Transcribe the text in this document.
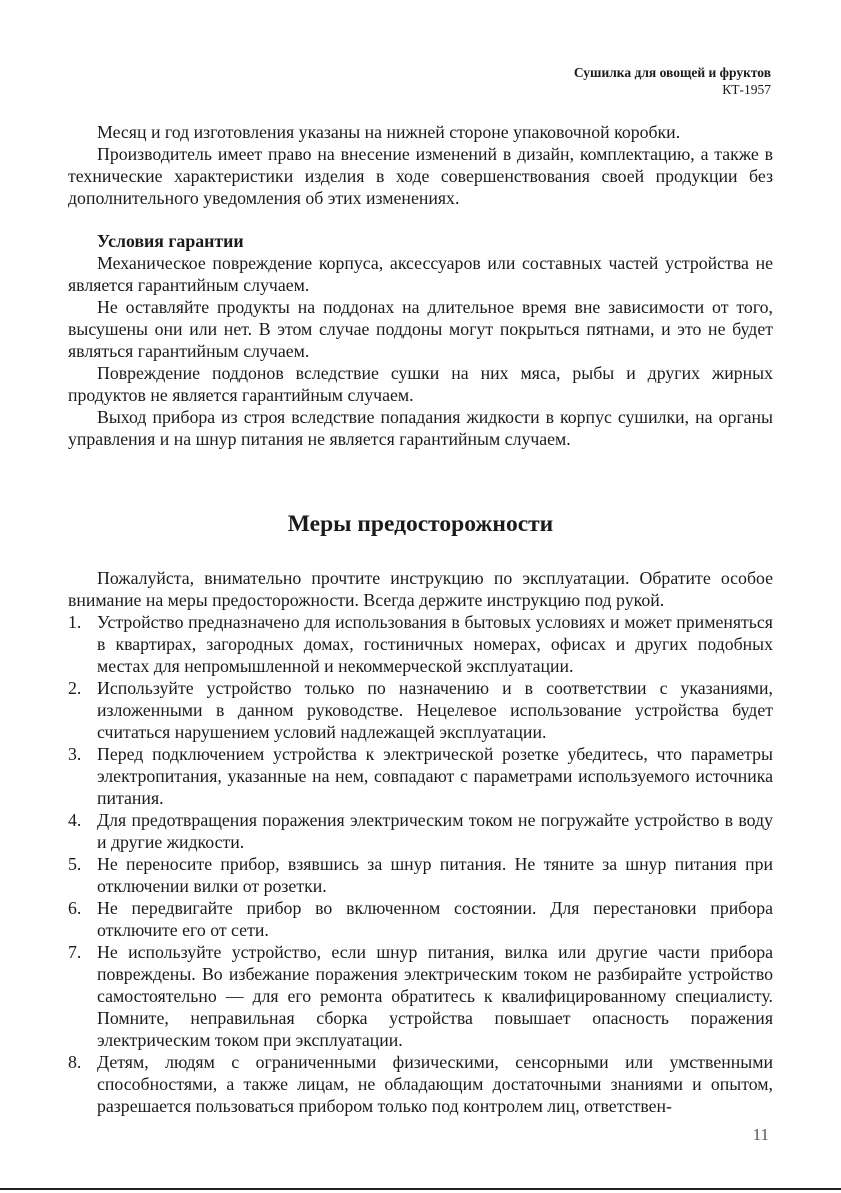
Сушилка для овощей и фруктов
КТ-1957

Месяц и год изготовления указаны на нижней стороне упаковочной коробки.

Производитель имеет право на внесение изменений в дизайн, комплектацию, а также в технические характеристики изделия в ходе совершенствования своей продукции без дополнительного уведомления об этих изменениях.

Условия гарантии

Механическое повреждение корпуса, аксессуаров или составных частей устройства не является гарантийным случаем.

Не оставляйте продукты на поддонах на длительное время вне зависимости от того, высушены они или нет. В этом случае поддоны могут покрыться пятнами, и это не будет являться гарантийным случаем.

Повреждение поддонов вследствие сушки на них мяса, рыбы и других жирных продуктов не является гарантийным случаем.

Выход прибора из строя вследствие попадания жидкости в корпус сушилки, на органы управления и на шнур питания не является гарантийным случаем.

Меры предосторожности

Пожалуйста, внимательно прочтите инструкцию по эксплуатации. Обратите особое внимание на меры предосторожности. Всегда держите инструкцию под рукой.

1. Устройство предназначено для использования в бытовых условиях и может применяться в квартирах, загородных домах, гостиничных номерах, офисах и других подобных местах для непромышленной и некоммерческой эксплуатации.
2. Используйте устройство только по назначению и в соответствии с указаниями, изложенными в данном руководстве. Нецелевое использование устройства будет считаться нарушением условий надлежащей эксплуатации.
3. Перед подключением устройства к электрической розетке убедитесь, что параметры электропитания, указанные на нем, совпадают с параметрами используемого источника питания.
4. Для предотвращения поражения электрическим током не погружайте устройство в воду и другие жидкости.
5. Не переносите прибор, взявшись за шнур питания. Не тяните за шнур питания при отключении вилки от розетки.
6. Не передвигайте прибор во включенном состоянии. Для перестановки прибора отключите его от сети.
7. Не используйте устройство, если шнур питания, вилка или другие части прибора повреждены. Во избежание поражения электрическим током не разбирайте устройство самостоятельно — для его ремонта обратитесь к квалифицированному специалисту. Помните, неправильная сборка устройства повышает опасность поражения электрическим током при эксплуатации.
8. Детям, людям с ограниченными физическими, сенсорными или умственными способностями, а также лицам, не обладающим достаточными знаниями и опытом, разрешается пользоваться прибором только под контролем лиц, ответствен-
11
